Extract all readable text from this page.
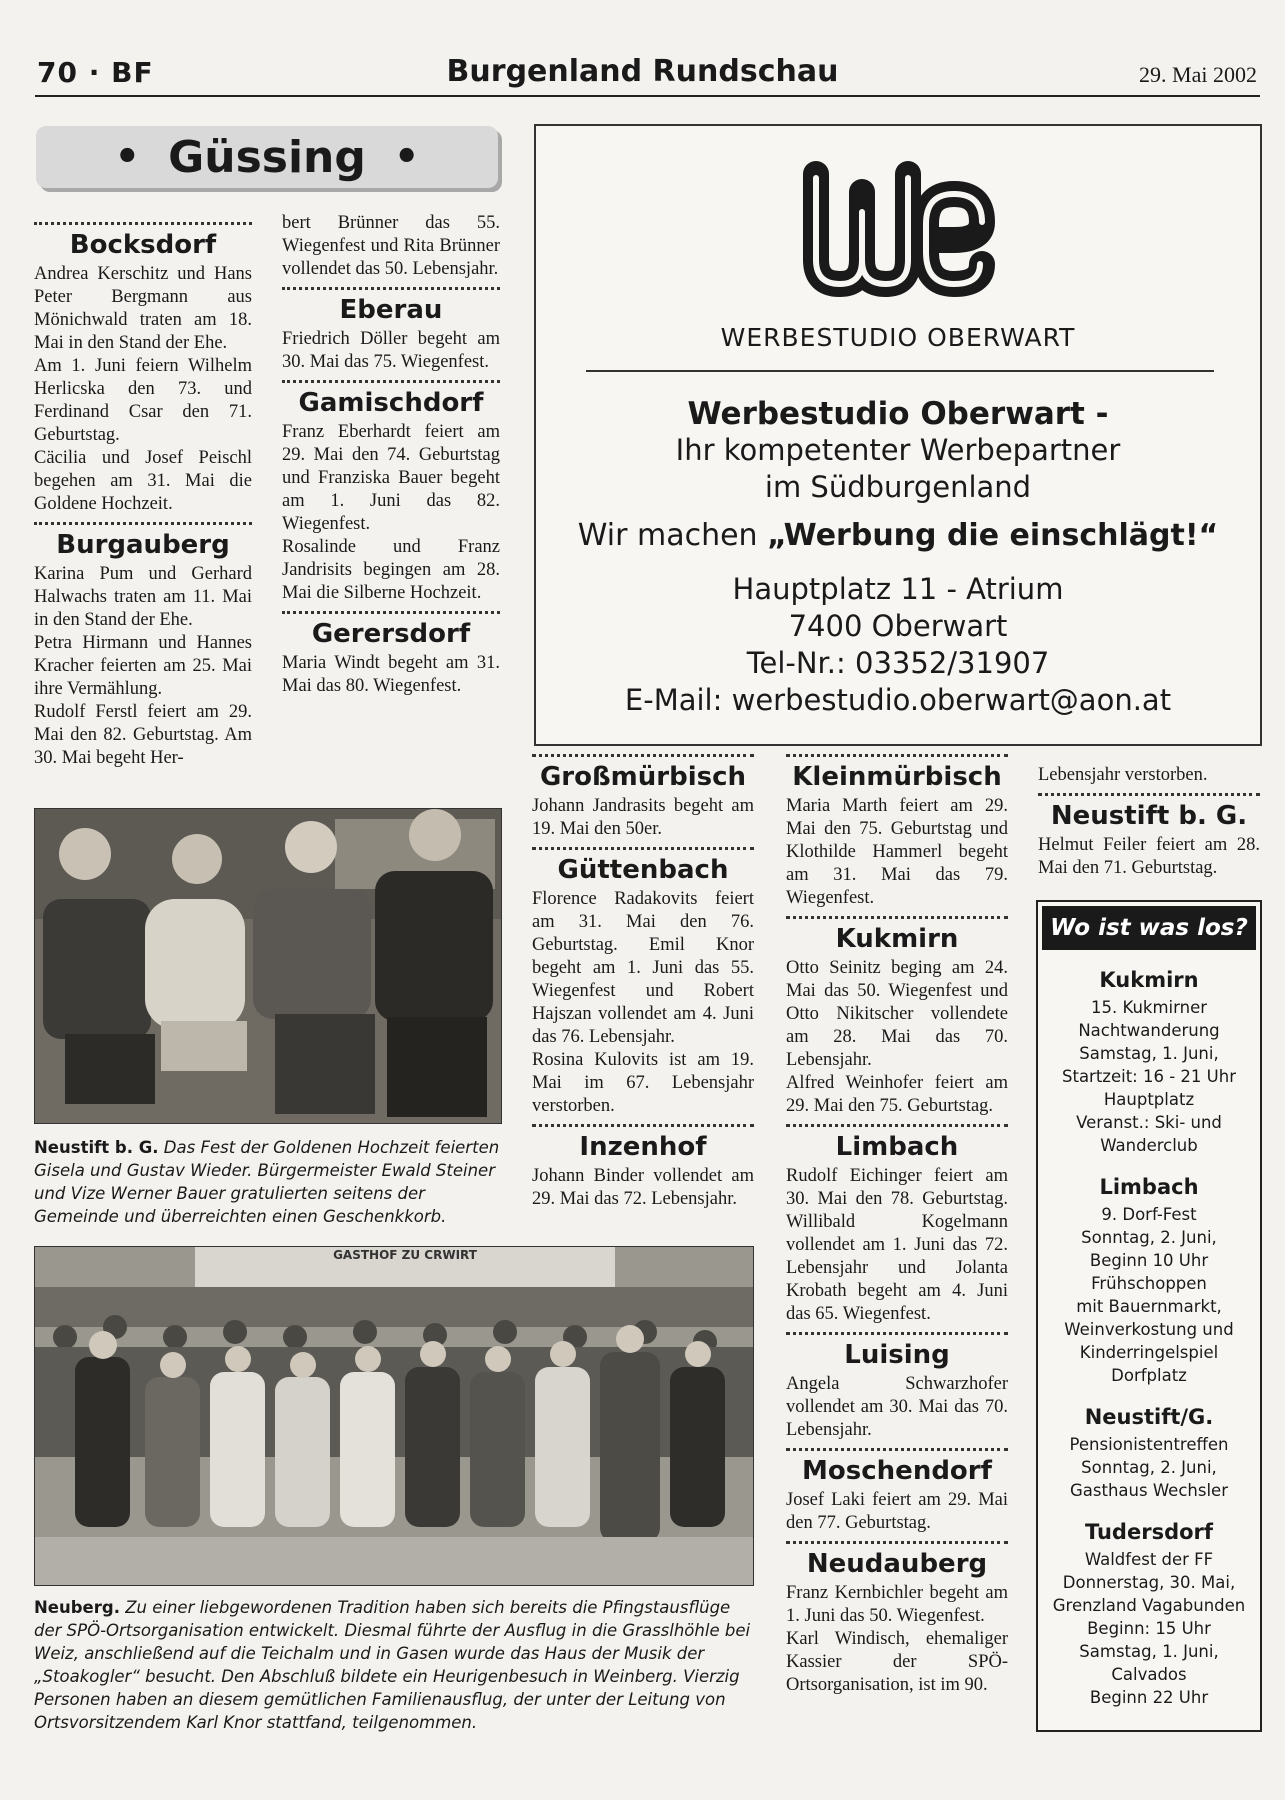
70 · BF	Burgenland Rundschau	29. Mai 2002
• Güssing •
Bocksdorf

Andrea Kerschitz und Hans Peter Bergmann aus Mönichwald traten am 18. Mai in den Stand der Ehe.

Am 1. Juni feiern Wilhelm Herlicska den 73. und Ferdinand Csar den 71. Geburtstag.

Cäcilia und Josef Peischl begehen am 31. Mai die Goldene Hochzeit.

Burgauberg

Karina Pum und Gerhard Halwachs traten am 11. Mai in den Stand der Ehe.

Petra Hirmann und Hannes Kracher feierten am 25. Mai ihre Vermählung.

Rudolf Ferstl feiert am 29. Mai den 82. Geburtstag. Am 30. Mai begeht Her-

bert Brünner das 55. Wiegenfest und Rita Brünner vollendet das 50. Lebensjahr.

Eberau

Friedrich Döller begeht am 30. Mai das 75. Wiegenfest.

Gamischdorf

Franz Eberhardt feiert am 29. Mai den 74. Geburtstag und Franziska Bauer begeht am 1. Juni das 82. Wiegenfest.

Rosalinde und Franz Jandrisits begingen am 28. Mai die Silberne Hochzeit.

Gerersdorf

Maria Windt begeht am 31. Mai das 80. Wiegenfest.

Großmürbisch

Johann Jandrasits begeht am 19. Mai den 50er.

Güttenbach

Florence Radakovits feiert am 31. Mai den 76. Geburtstag. Emil Knor begeht am 1. Juni das 55. Wiegenfest und Robert Hajszan vollendet am 4. Juni das 76. Lebensjahr.

Rosina Kulovits ist am 19. Mai im 67. Lebensjahr verstorben.

Inzenhof

Johann Binder vollendet am 29. Mai das 72. Lebensjahr.

Kleinmürbisch

Maria Marth feiert am 29. Mai den 75. Geburtstag und Klothilde Hammerl begeht am 31. Mai das 79. Wiegenfest.

Kukmirn

Otto Seinitz beging am 24. Mai das 50. Wiegenfest und Otto Nikitscher vollendete am 28. Mai das 70. Lebensjahr.

Alfred Weinhofer feiert am 29. Mai den 75. Geburtstag.

Limbach

Rudolf Eichinger feiert am 30. Mai den 78. Geburtstag. Willibald Kogelmann vollendet am 1. Juni das 72. Lebensjahr und Jolanta Krobath begeht am 4. Juni das 65. Wiegenfest.

Luising

Angela Schwarzhofer vollendet am 30. Mai das 70. Lebensjahr.

Moschendorf

Josef Laki feiert am 29. Mai den 77. Geburtstag.

Neudauberg

Franz Kernbichler begeht am 1. Juni das 50. Wiegenfest.

Karl Windisch, ehemaliger Kassier der SPÖ-Ortsorganisation, ist im 90.

Lebensjahr verstorben.

Neustift b. G.

Helmut Feiler feiert am 28. Mai den 71. Geburtstag.

WERBESTUDIO OBERWART
Werbestudio Oberwart -
Ihr kompetenter Werbepartner
im Südburgenland
Wir machen „Werbung die einschlägt!“
Hauptplatz 11 - Atrium
7400 Oberwart
Tel-Nr.: 03352/31907
E-Mail: werbestudio.oberwart@aon.at
Neustift b. G. Das Fest der Goldenen Hochzeit feierten Gisela und Gustav Wieder. Bürgermeister Ewald Steiner und Vize Werner Bauer gratulierten seitens der Gemeinde und überreichten einen Geschenkkorb.
GASTHOF ZU CRWIRT
Neuberg. Zu einer liebgewordenen Tradition haben sich bereits die Pfingstausflüge der SPÖ-Ortsorganisation entwickelt. Diesmal führte der Ausflug in die Grasslhöhle bei Weiz, anschließend auf die Teichalm und in Gasen wurde das Haus der Musik der „Stoakogler“ besucht. Den Abschluß bildete ein Heurigenbesuch in Weinberg. Vierzig Personen haben an diesem gemütlichen Familienausflug, der unter der Leitung von Ortsvorsitzendem Karl Knor stattfand, teilgenommen.
Wo ist was los?
Kukmirn
15. Kukmirner
Nachtwanderung
Samstag, 1. Juni,
Startzeit: 16 - 21 Uhr
Hauptplatz
Veranst.: Ski- und
Wanderclub
Limbach
9. Dorf-Fest
Sonntag, 2. Juni,
Beginn 10 Uhr
Frühschoppen
mit Bauernmarkt,
Weinverkostung und
Kinderringelspiel
Dorfplatz
Neustift/G.
Pensionistentreffen
Sonntag, 2. Juni,
Gasthaus Wechsler
Tudersdorf
Waldfest der FF
Donnerstag, 30. Mai,
Grenzland Vagabunden
Beginn: 15 Uhr
Samstag, 1. Juni,
Calvados
Beginn 22 Uhr
